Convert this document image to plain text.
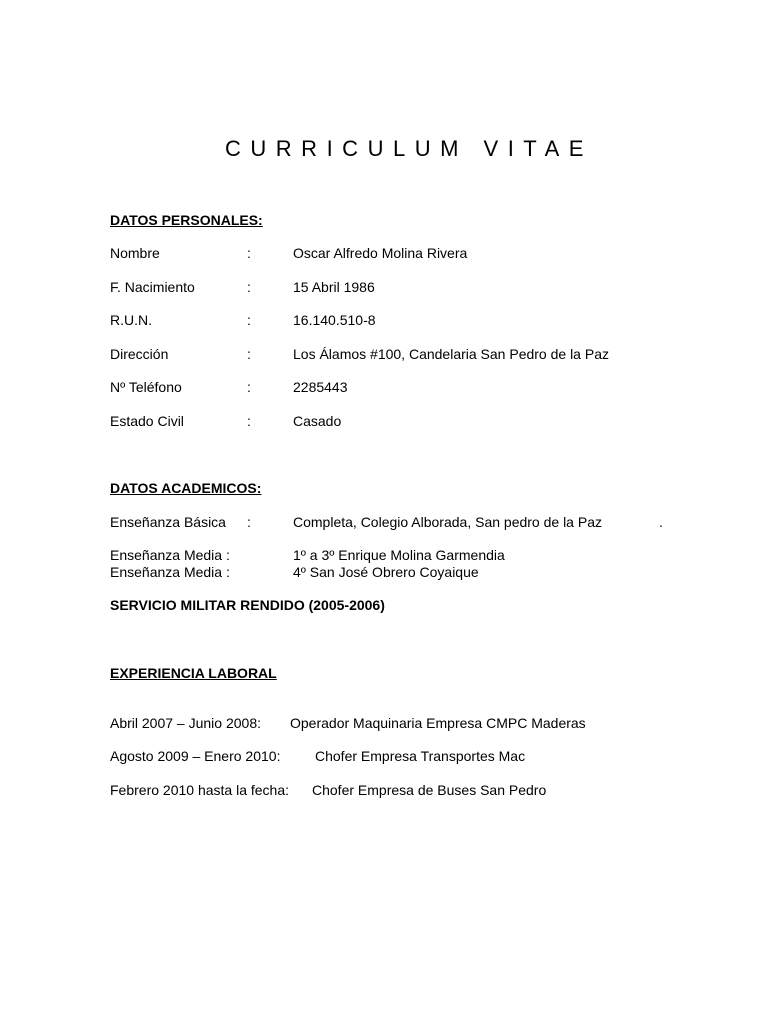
CURRICULUM VITAE
DATOS PERSONALES:
Nombre	:	Oscar Alfredo Molina Rivera
F. Nacimiento	:	15 Abril 1986
R.U.N.	:	16.140.510-8
Dirección	:	Los Álamos #100, Candelaria San Pedro de la Paz
Nº Teléfono	:	2285443
Estado Civil	:	Casado
DATOS ACADEMICOS:
Enseñanza Básica :	Completa, Colegio Alborada, San pedro de la Paz	.
Enseñanza Media :	1º a 3º Enrique Molina Garmendia
Enseñanza Media :	4º San José Obrero Coyaique
SERVICIO MILITAR RENDIDO (2005-2006)
EXPERIENCIA LABORAL
Abril 2007 – Junio 2008: Operador Maquinaria Empresa CMPC Maderas
Agosto 2009 – Enero 2010: Chofer Empresa Transportes Mac
Febrero 2010 hasta la fecha: Chofer Empresa de Buses San Pedro
